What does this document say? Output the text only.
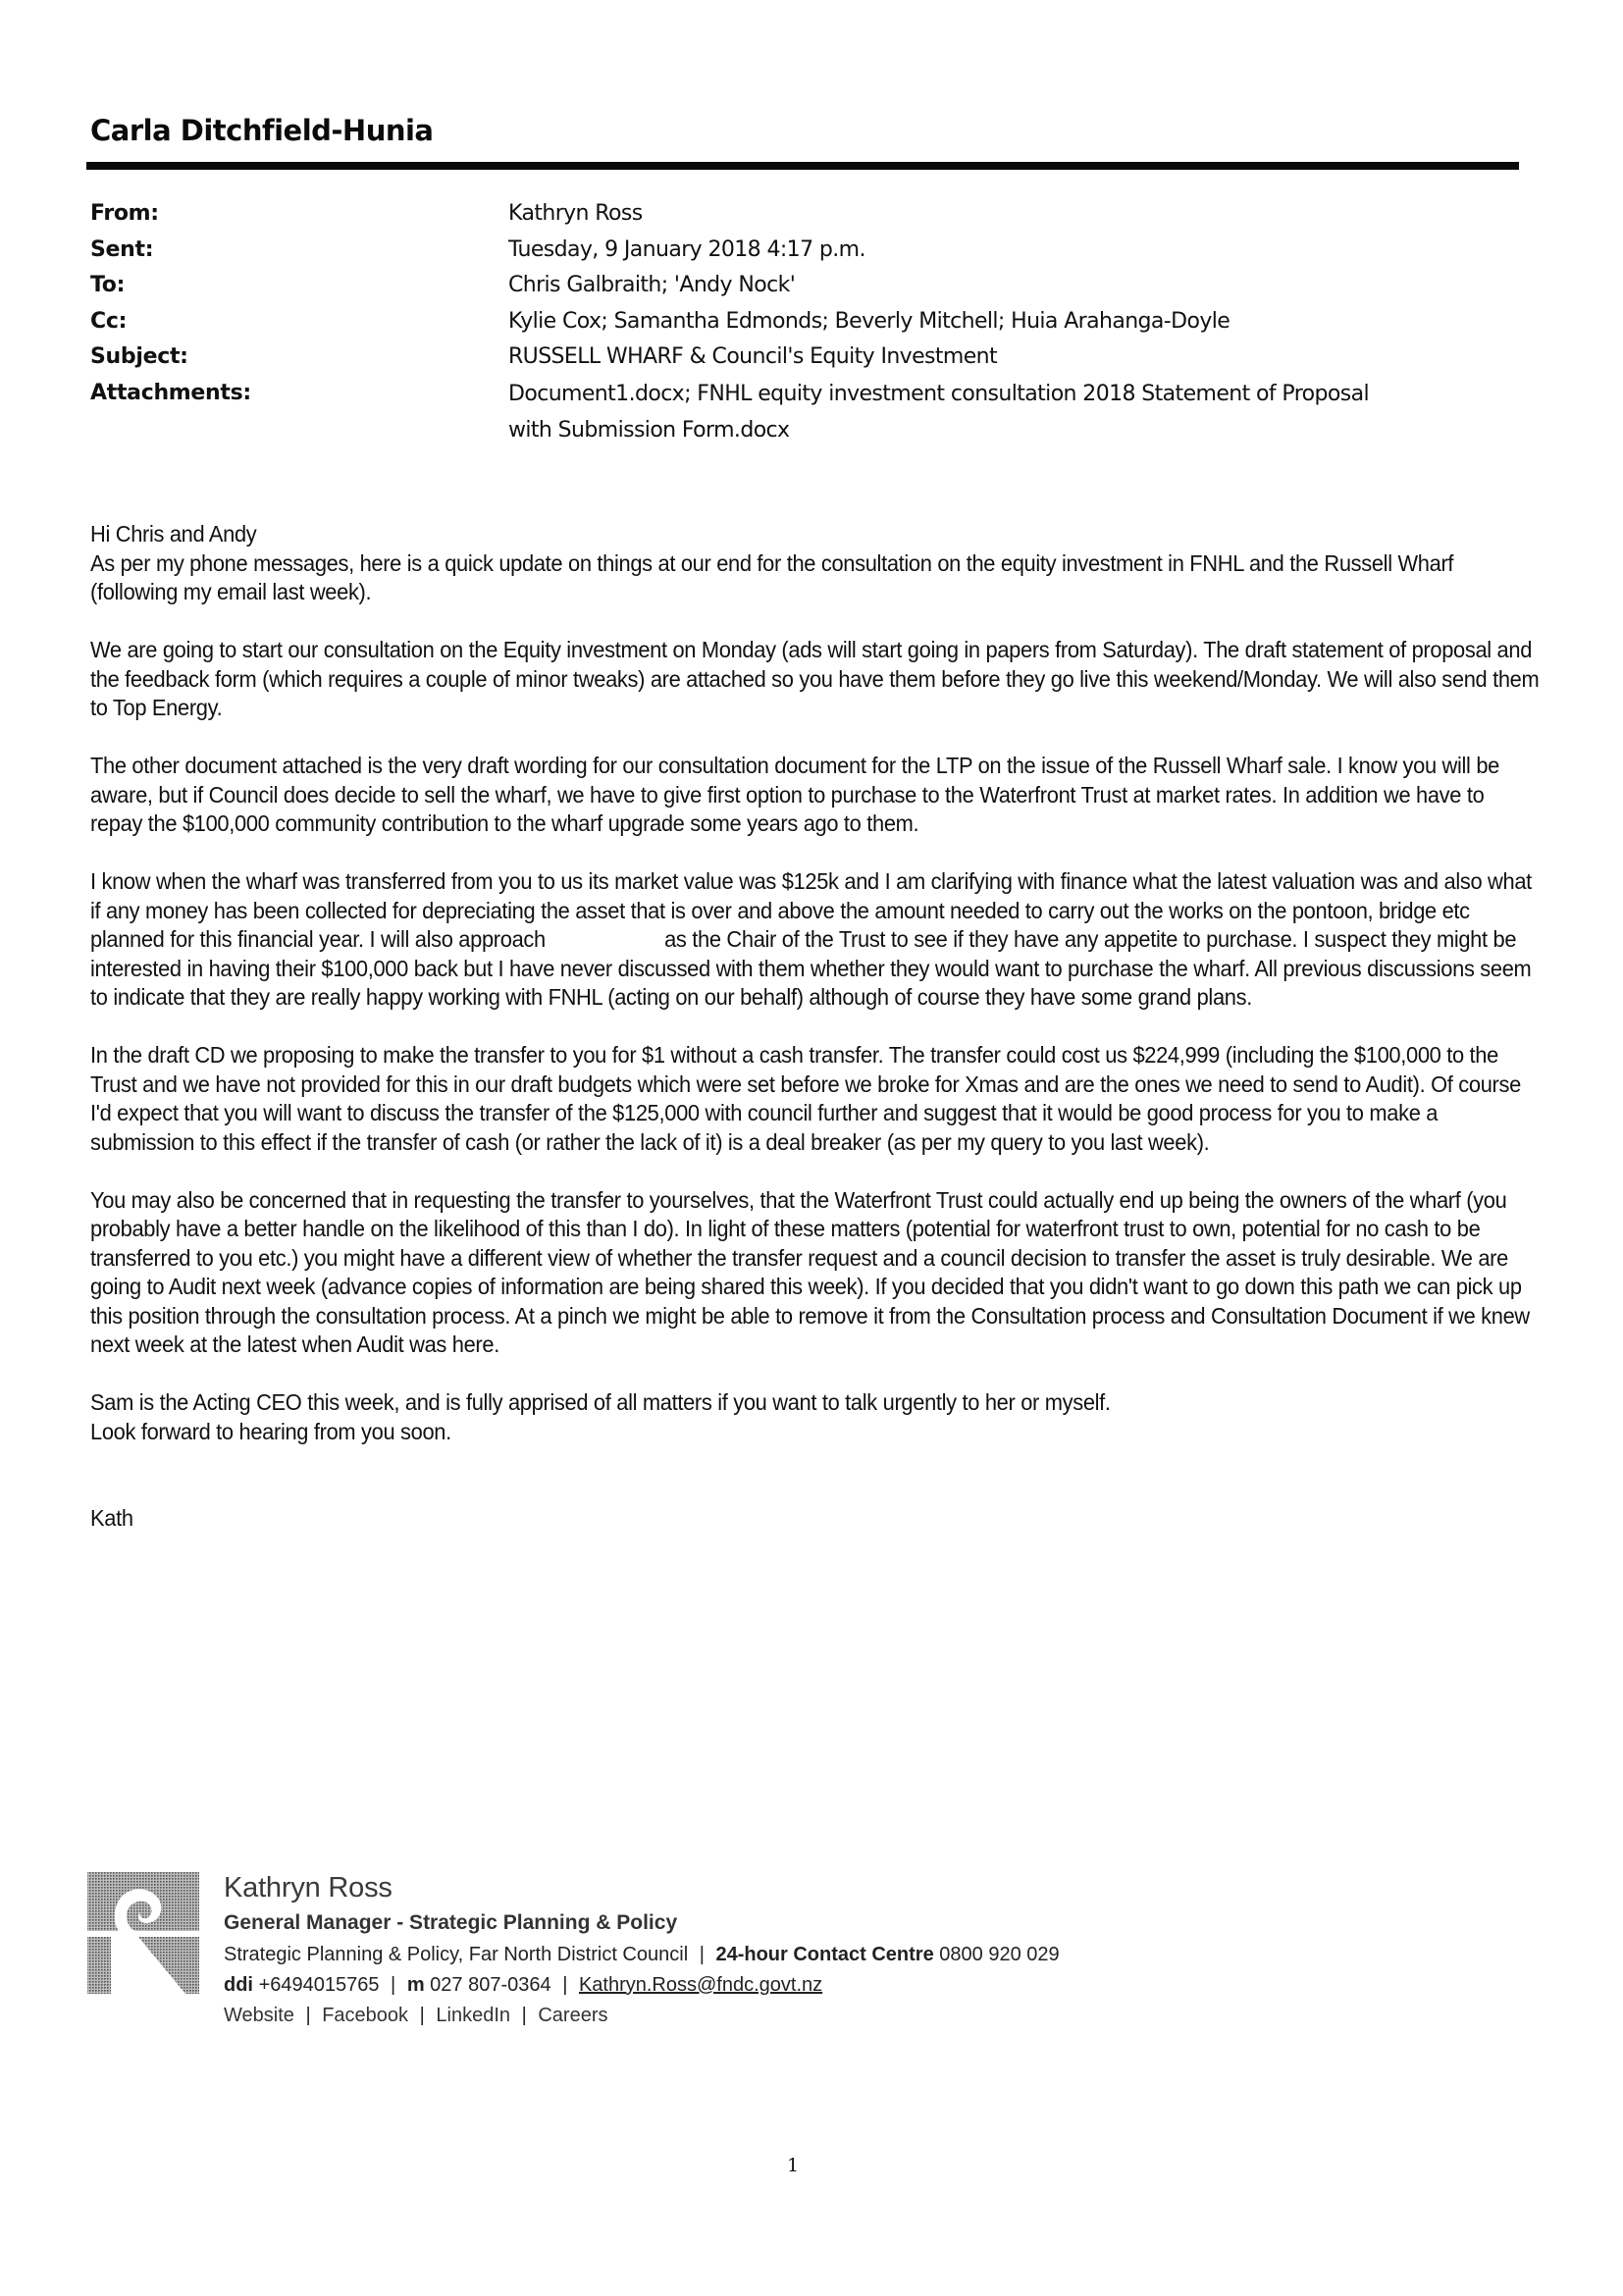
Carla Ditchfield-Hunia
From:	Kathryn Ross
Sent:	Tuesday, 9 January 2018 4:17 p.m.
To:	Chris Galbraith; 'Andy Nock'
Cc:	Kylie Cox; Samantha Edmonds; Beverly Mitchell; Huia Arahanga-Doyle
Subject:	RUSSELL WHARF & Council's Equity Investment
Attachments:	Document1.docx; FNHL equity investment consultation 2018 Statement of Proposal
with Submission Form.docx

Hi Chris and Andy

As per my phone messages, here is a quick update on things at our end for the consultation on the equity investment in FNHL and the Russell Wharf (following my email last week).

We are going to start our consultation on the Equity investment on Monday (ads will start going in papers from Saturday). The draft statement of proposal and the feedback form (which requires a couple of minor tweaks) are attached so you have them before they go live this weekend/Monday. We will also send them to Top Energy.

The other document attached is the very draft wording for our consultation document for the LTP on the issue of the Russell Wharf sale. I know you will be aware, but if Council does decide to sell the wharf, we have to give first option to purchase to the Waterfront Trust at market rates. In addition we have to repay the $100,000 community contribution to the wharf upgrade some years ago to them.

I know when the wharf was transferred from you to us its market value was $125k and I am clarifying with finance what the latest valuation was and also what if any money has been collected for depreciating the asset that is over and above the amount needed to carry out the works on the pontoon, bridge etc planned for this financial year. I will also approach	as the Chair of the Trust to see if they have any appetite to purchase. I suspect they might be interested in having their $100,000 back but I have never discussed with them whether they would want to purchase the wharf. All previous discussions seem to indicate that they are really happy working with FNHL (acting on our behalf) although of course they have some grand plans.

In the draft CD we proposing to make the transfer to you for $1 without a cash transfer. The transfer could cost us $224,999 (including the $100,000 to the Trust and we have not provided for this in our draft budgets which were set before we broke for Xmas and are the ones we need to send to Audit). Of course I'd expect that you will want to discuss the transfer of the $125,000 with council further and suggest that it would be good process for you to make a submission to this effect if the transfer of cash (or rather the lack of it) is a deal breaker (as per my query to you last week).

You may also be concerned that in requesting the transfer to yourselves, that the Waterfront Trust could actually end up being the owners of the wharf (you probably have a better handle on the likelihood of this than I do). In light of these matters (potential for waterfront trust to own, potential for no cash to be transferred to you etc.) you might have a different view of whether the transfer request and a council decision to transfer the asset is truly desirable. We are going to Audit next week (advance copies of information are being shared this week). If you decided that you didn't want to go down this path we can pick up this position through the consultation process. At a pinch we might be able to remove it from the Consultation process and Consultation Document if we knew next week at the latest when Audit was here.

Sam is the Acting CEO this week, and is fully apprised of all matters if you want to talk urgently to her or myself.

Look forward to hearing from you soon.

Kath

Kathryn Ross
General Manager - Strategic Planning & Policy
Strategic Planning & Policy, Far North District Council | 24-hour Contact Centre 0800 920 029
ddi +6494015765 | m 027 807-0364 | Kathryn.Ross@fndc.govt.nz
Website | Facebook | LinkedIn | Careers
1
